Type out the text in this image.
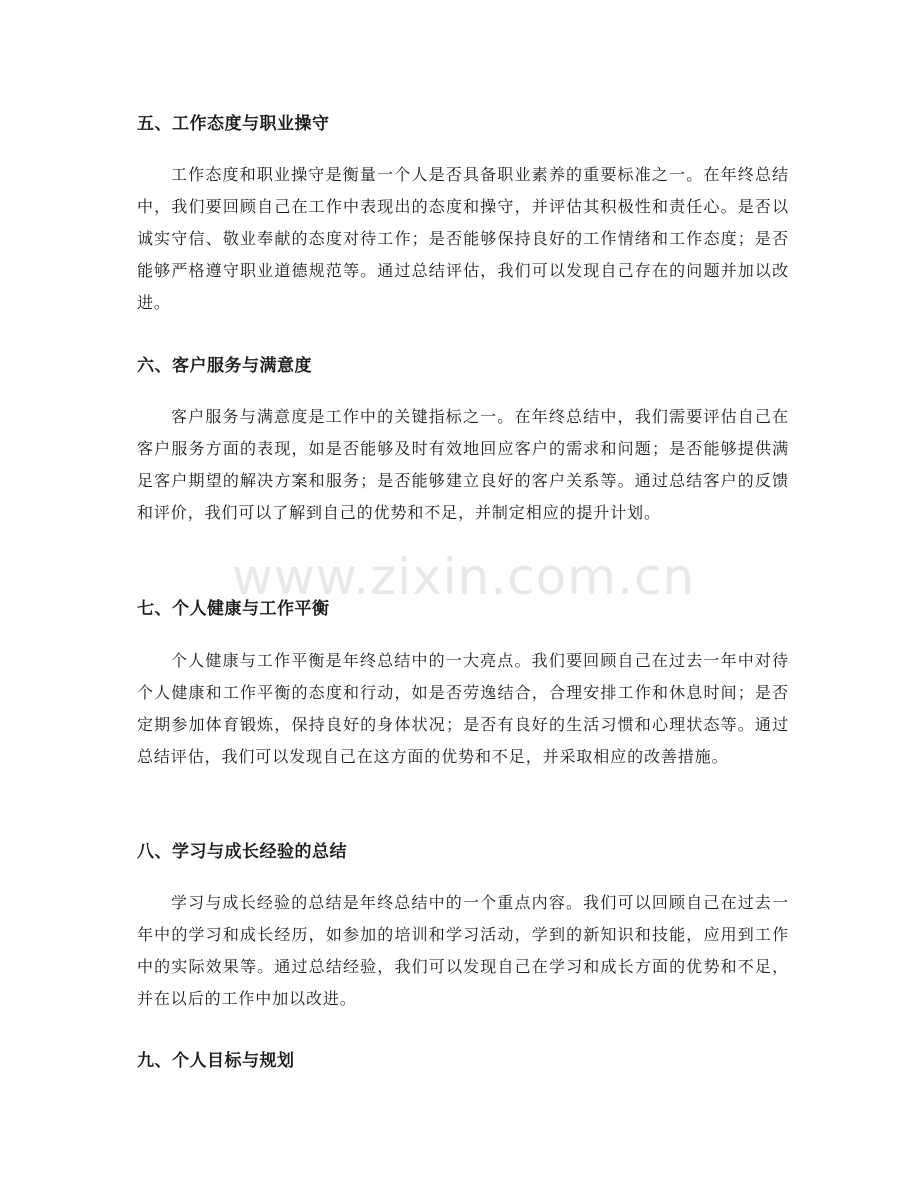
五、工作态度与职业操守
工作态度和职业操守是衡量一个人是否具备职业素养的重要标准之一。在年终总结中，我们要回顾自己在工作中表现出的态度和操守，并评估其积极性和责任心。是否以诚实守信、敬业奉献的态度对待工作；是否能够保持良好的工作情绪和工作态度；是否能够严格遵守职业道德规范等。通过总结评估，我们可以发现自己存在的问题并加以改进。
六、客户服务与满意度
客户服务与满意度是工作中的关键指标之一。在年终总结中，我们需要评估自己在客户服务方面的表现，如是否能够及时有效地回应客户的需求和问题；是否能够提供满足客户期望的解决方案和服务；是否能够建立良好的客户关系等。通过总结客户的反馈和评价，我们可以了解到自己的优势和不足，并制定相应的提升计划。
七、个人健康与工作平衡
个人健康与工作平衡是年终总结中的一大亮点。我们要回顾自己在过去一年中对待个人健康和工作平衡的态度和行动，如是否劳逸结合，合理安排工作和休息时间；是否定期参加体育锻炼，保持良好的身体状况；是否有良好的生活习惯和心理状态等。通过总结评估，我们可以发现自己在这方面的优势和不足，并采取相应的改善措施。
八、学习与成长经验的总结
学习与成长经验的总结是年终总结中的一个重点内容。我们可以回顾自己在过去一年中的学习和成长经历，如参加的培训和学习活动，学到的新知识和技能，应用到工作中的实际效果等。通过总结经验，我们可以发现自己在学习和成长方面的优势和不足，并在以后的工作中加以改进。
九、个人目标与规划
www.zixin.com.cn
